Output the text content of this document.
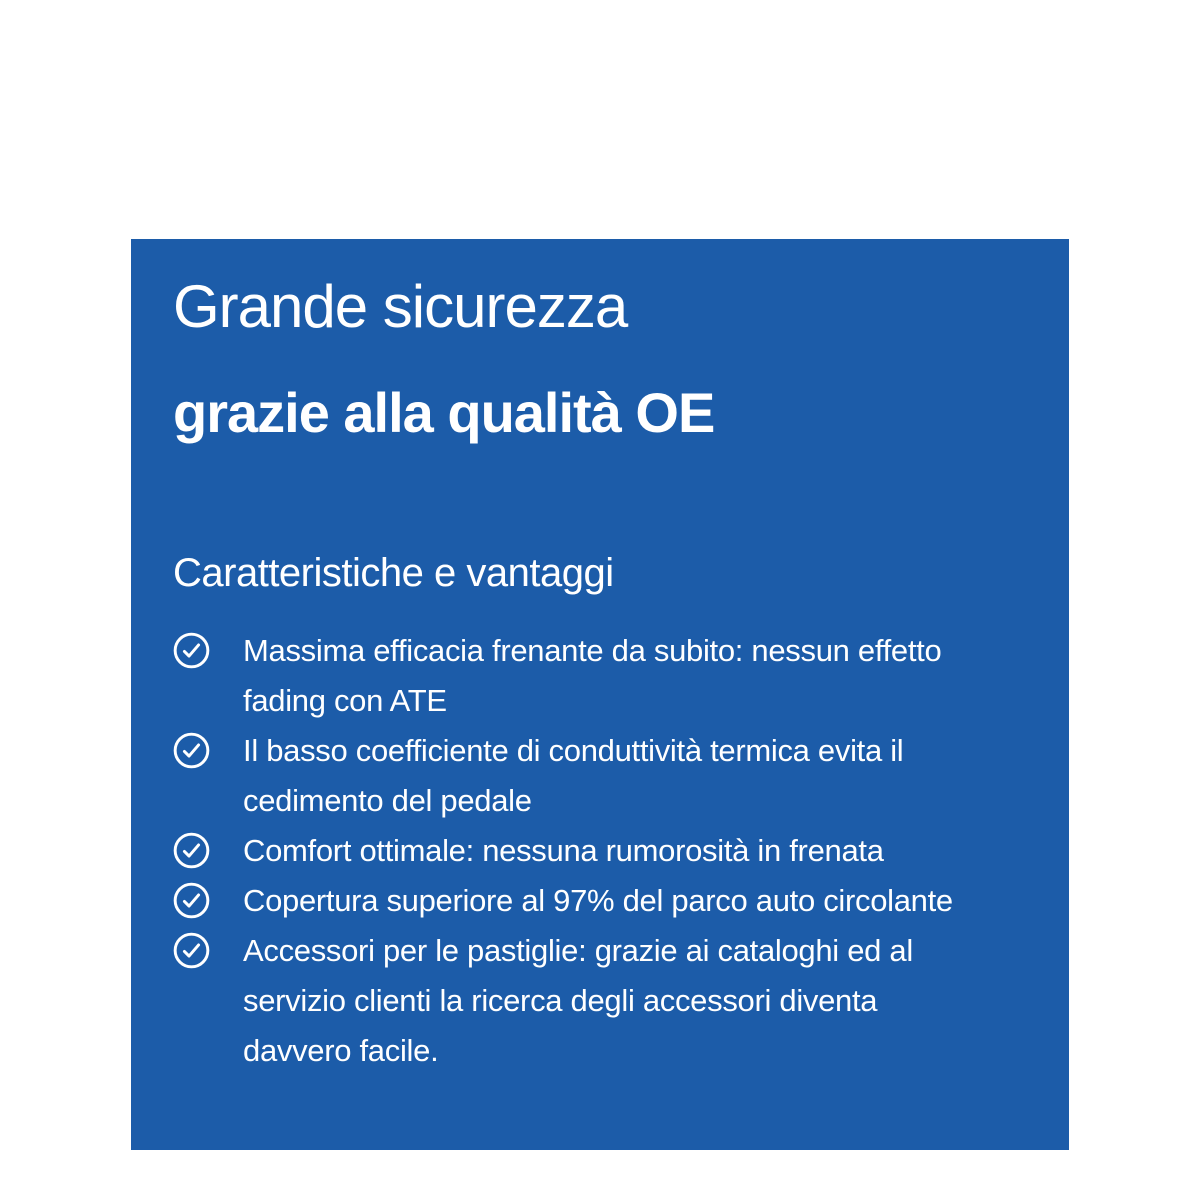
Grande sicurezza
grazie alla qualità OE
Caratteristiche e vantaggi
Massima efficacia frenante da subito: nessun effetto
fading con ATE
Il basso coefficiente di conduttività termica evita il
cedimento del pedale
Comfort ottimale: nessuna rumorosità in frenata
Copertura superiore al 97% del parco auto circolante
Accessori per le pastiglie: grazie ai cataloghi ed al
servizio clienti la ricerca degli accessori diventa
davvero facile.
